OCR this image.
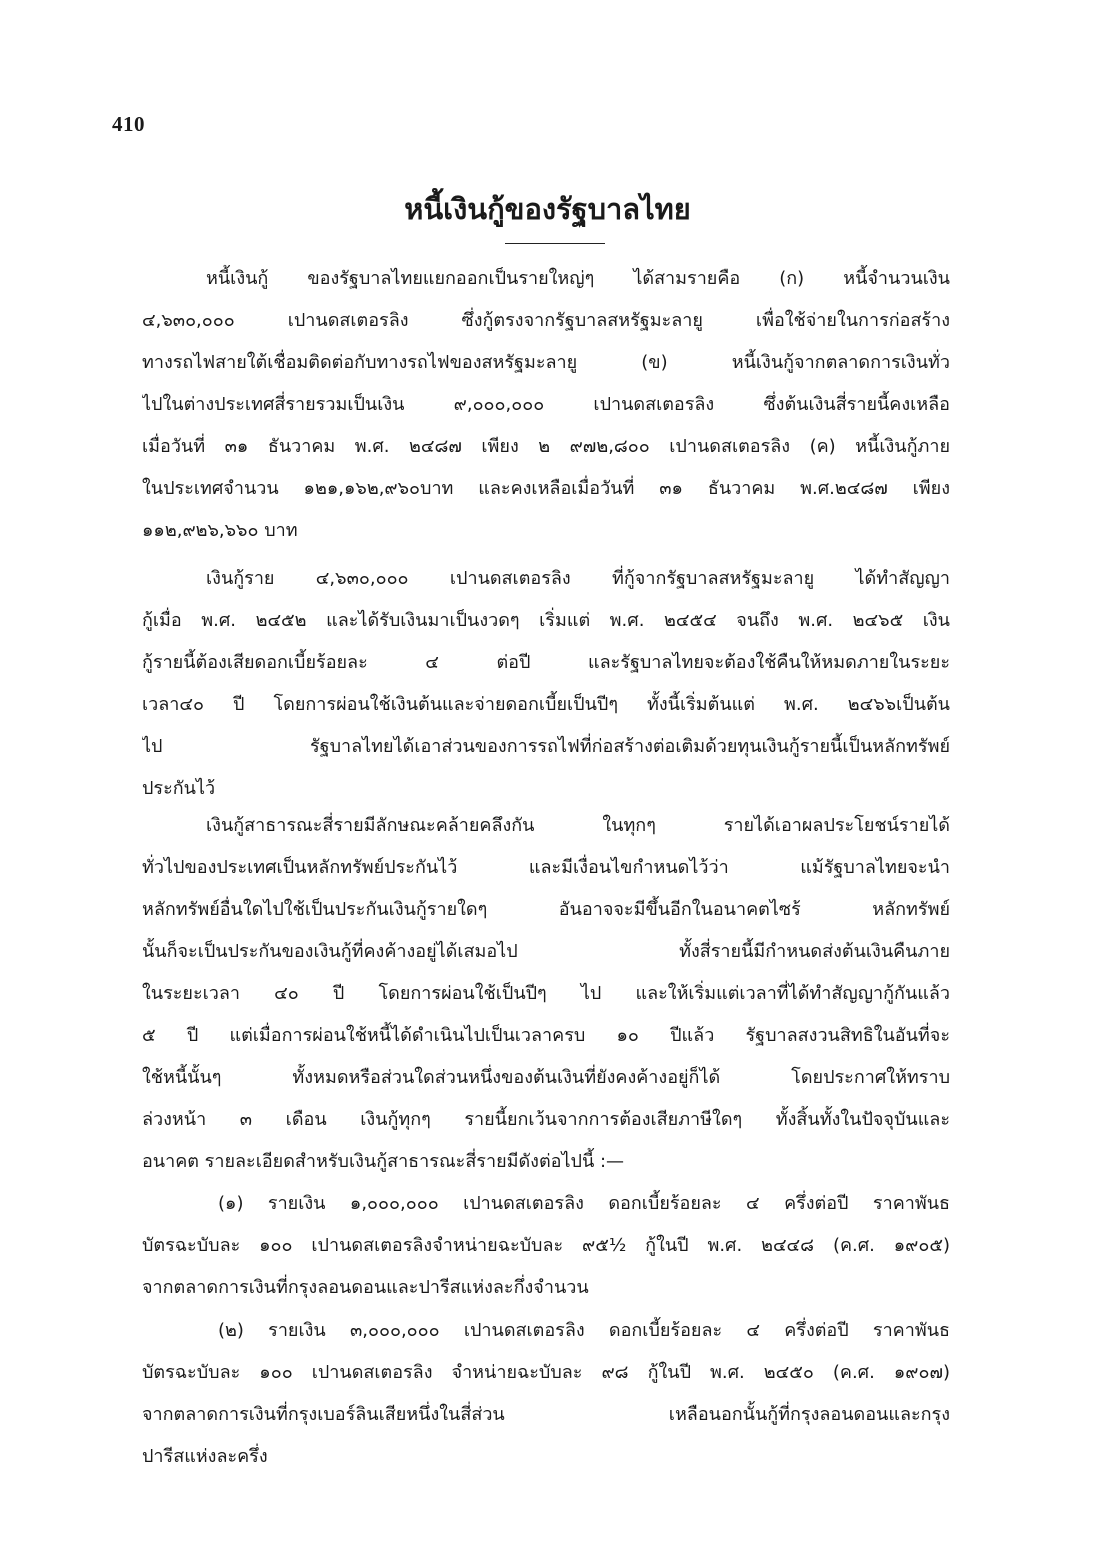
410
หนี้เงินกู้ของรัฐบาลไทย
หนี้เงินกู้ ของรัฐบาลไทยแยกออกเป็นรายใหญ่ๆ ได้สามรายคือ (ก) หนี้จำนวนเงิน
๔,๖๓๐,๐๐๐ เปานดสเตอรลิง ซึ่งกู้ตรงจากรัฐบาลสหรัฐมะลายู เพื่อใช้จ่ายในการก่อสร้าง
ทางรถไฟสายใต้เชื่อมติดต่อกับทางรถไฟของสหรัฐมะลายู (ข) หนี้เงินกู้จากตลาดการเงินทั่ว
ไปในต่างประเทศสี่รายรวมเป็นเงิน ๙,๐๐๐,๐๐๐ เปานดสเตอรลิง ซึ่งต้นเงินสี่รายนี้คงเหลือ
เมื่อวันที่ ๓๑ ธันวาคม พ.ศ. ๒๔๘๗ เพียง ๒ ๙๗๒,๘๐๐ เปานดสเตอรลิง (ค) หนี้เงินกู้ภาย
ในประเทศจำนวน ๑๒๑,๑๖๒,๙๖๐บาท และคงเหลือเมื่อวันที่ ๓๑ ธันวาคม พ.ศ.๒๔๘๗ เพียง
๑๑๒,๙๒๖,๖๖๐ บาท
เงินกู้ราย ๔,๖๓๐,๐๐๐ เปานดสเตอรลิง ที่กู้จากรัฐบาลสหรัฐมะลายู ได้ทำสัญญา
กู้เมื่อ พ.ศ. ๒๔๕๒ และได้รับเงินมาเป็นงวดๆ เริ่มแต่ พ.ศ. ๒๔๕๔ จนถึง พ.ศ. ๒๔๖๕ เงิน
กู้รายนี้ต้องเสียดอกเบี้ยร้อยละ ๔ ต่อปี และรัฐบาลไทยจะต้องใช้คืนให้หมดภายในระยะ
เวลา๔๐ ปี โดยการผ่อนใช้เงินต้นและจ่ายดอกเบี้ยเป็นปีๆ ทั้งนี้เริ่มต้นแต่ พ.ศ. ๒๔๖๖เป็นต้น
ไป รัฐบาลไทยได้เอาส่วนของการรถไฟที่ก่อสร้างต่อเติมด้วยทุนเงินกู้รายนี้เป็นหลักทรัพย์
ประกันไว้
เงินกู้สาธารณะสี่รายมีลักษณะคล้ายคลึงกัน ในทุกๆ รายได้เอาผลประโยชน์รายได้
ทั่วไปของประเทศเป็นหลักทรัพย์ประกันไว้ และมีเงื่อนไขกำหนดไว้ว่า แม้รัฐบาลไทยจะนำ
หลักทรัพย์อื่นใดไปใช้เป็นประกันเงินกู้รายใดๆ อันอาจจะมีขึ้นอีกในอนาคตไซร้ หลักทรัพย์
นั้นก็จะเป็นประกันของเงินกู้ที่คงค้างอยู่ได้เสมอไป ทั้งสี่รายนี้มีกำหนดส่งต้นเงินคืนภาย
ในระยะเวลา ๔๐ ปี โดยการผ่อนใช้เป็นปีๆ ไป และให้เริ่มแต่เวลาที่ได้ทำสัญญากู้กันแล้ว
๕ ปี แต่เมื่อการผ่อนใช้หนี้ได้ดำเนินไปเป็นเวลาครบ ๑๐ ปีแล้ว รัฐบาลสงวนสิทธิในอันที่จะ
ใช้หนี้นั้นๆ ทั้งหมดหรือส่วนใดส่วนหนึ่งของต้นเงินที่ยังคงค้างอยู่ก็ได้ โดยประกาศให้ทราบ
ล่วงหน้า ๓ เดือน เงินกู้ทุกๆ รายนี้ยกเว้นจากการต้องเสียภาษีใดๆ ทั้งสิ้นทั้งในปัจจุบันและ
อนาคต รายละเอียดสำหรับเงินกู้สาธารณะสี่รายมีดังต่อไปนี้ :—
(๑) รายเงิน ๑,๐๐๐,๐๐๐ เปานดสเตอรลิง ดอกเบี้ยร้อยละ ๔ ครึ่งต่อปี ราคาพันธ
บัตรฉะบับละ ๑๐๐ เปานดสเตอรลิงจำหน่ายฉะบับละ ๙๕½ กู้ในปี พ.ศ. ๒๔๔๘ (ค.ศ. ๑๙๐๕)
จากตลาดการเงินที่กรุงลอนดอนและปารีสแห่งละกึ่งจำนวน
(๒) รายเงิน ๓,๐๐๐,๐๐๐ เปานดสเตอรลิง ดอกเบี้ยร้อยละ ๔ ครึ่งต่อปี ราคาพันธ
บัตรฉะบับละ ๑๐๐ เปานดสเตอรลิง จำหน่ายฉะบับละ ๙๘ กู้ในปี พ.ศ. ๒๔๕๐ (ค.ศ. ๑๙๐๗)
จากตลาดการเงินที่กรุงเบอร์ลินเสียหนึ่งในสี่ส่วน เหลือนอกนั้นกู้ที่กรุงลอนดอนและกรุง
ปารีสแห่งละครึ่ง
